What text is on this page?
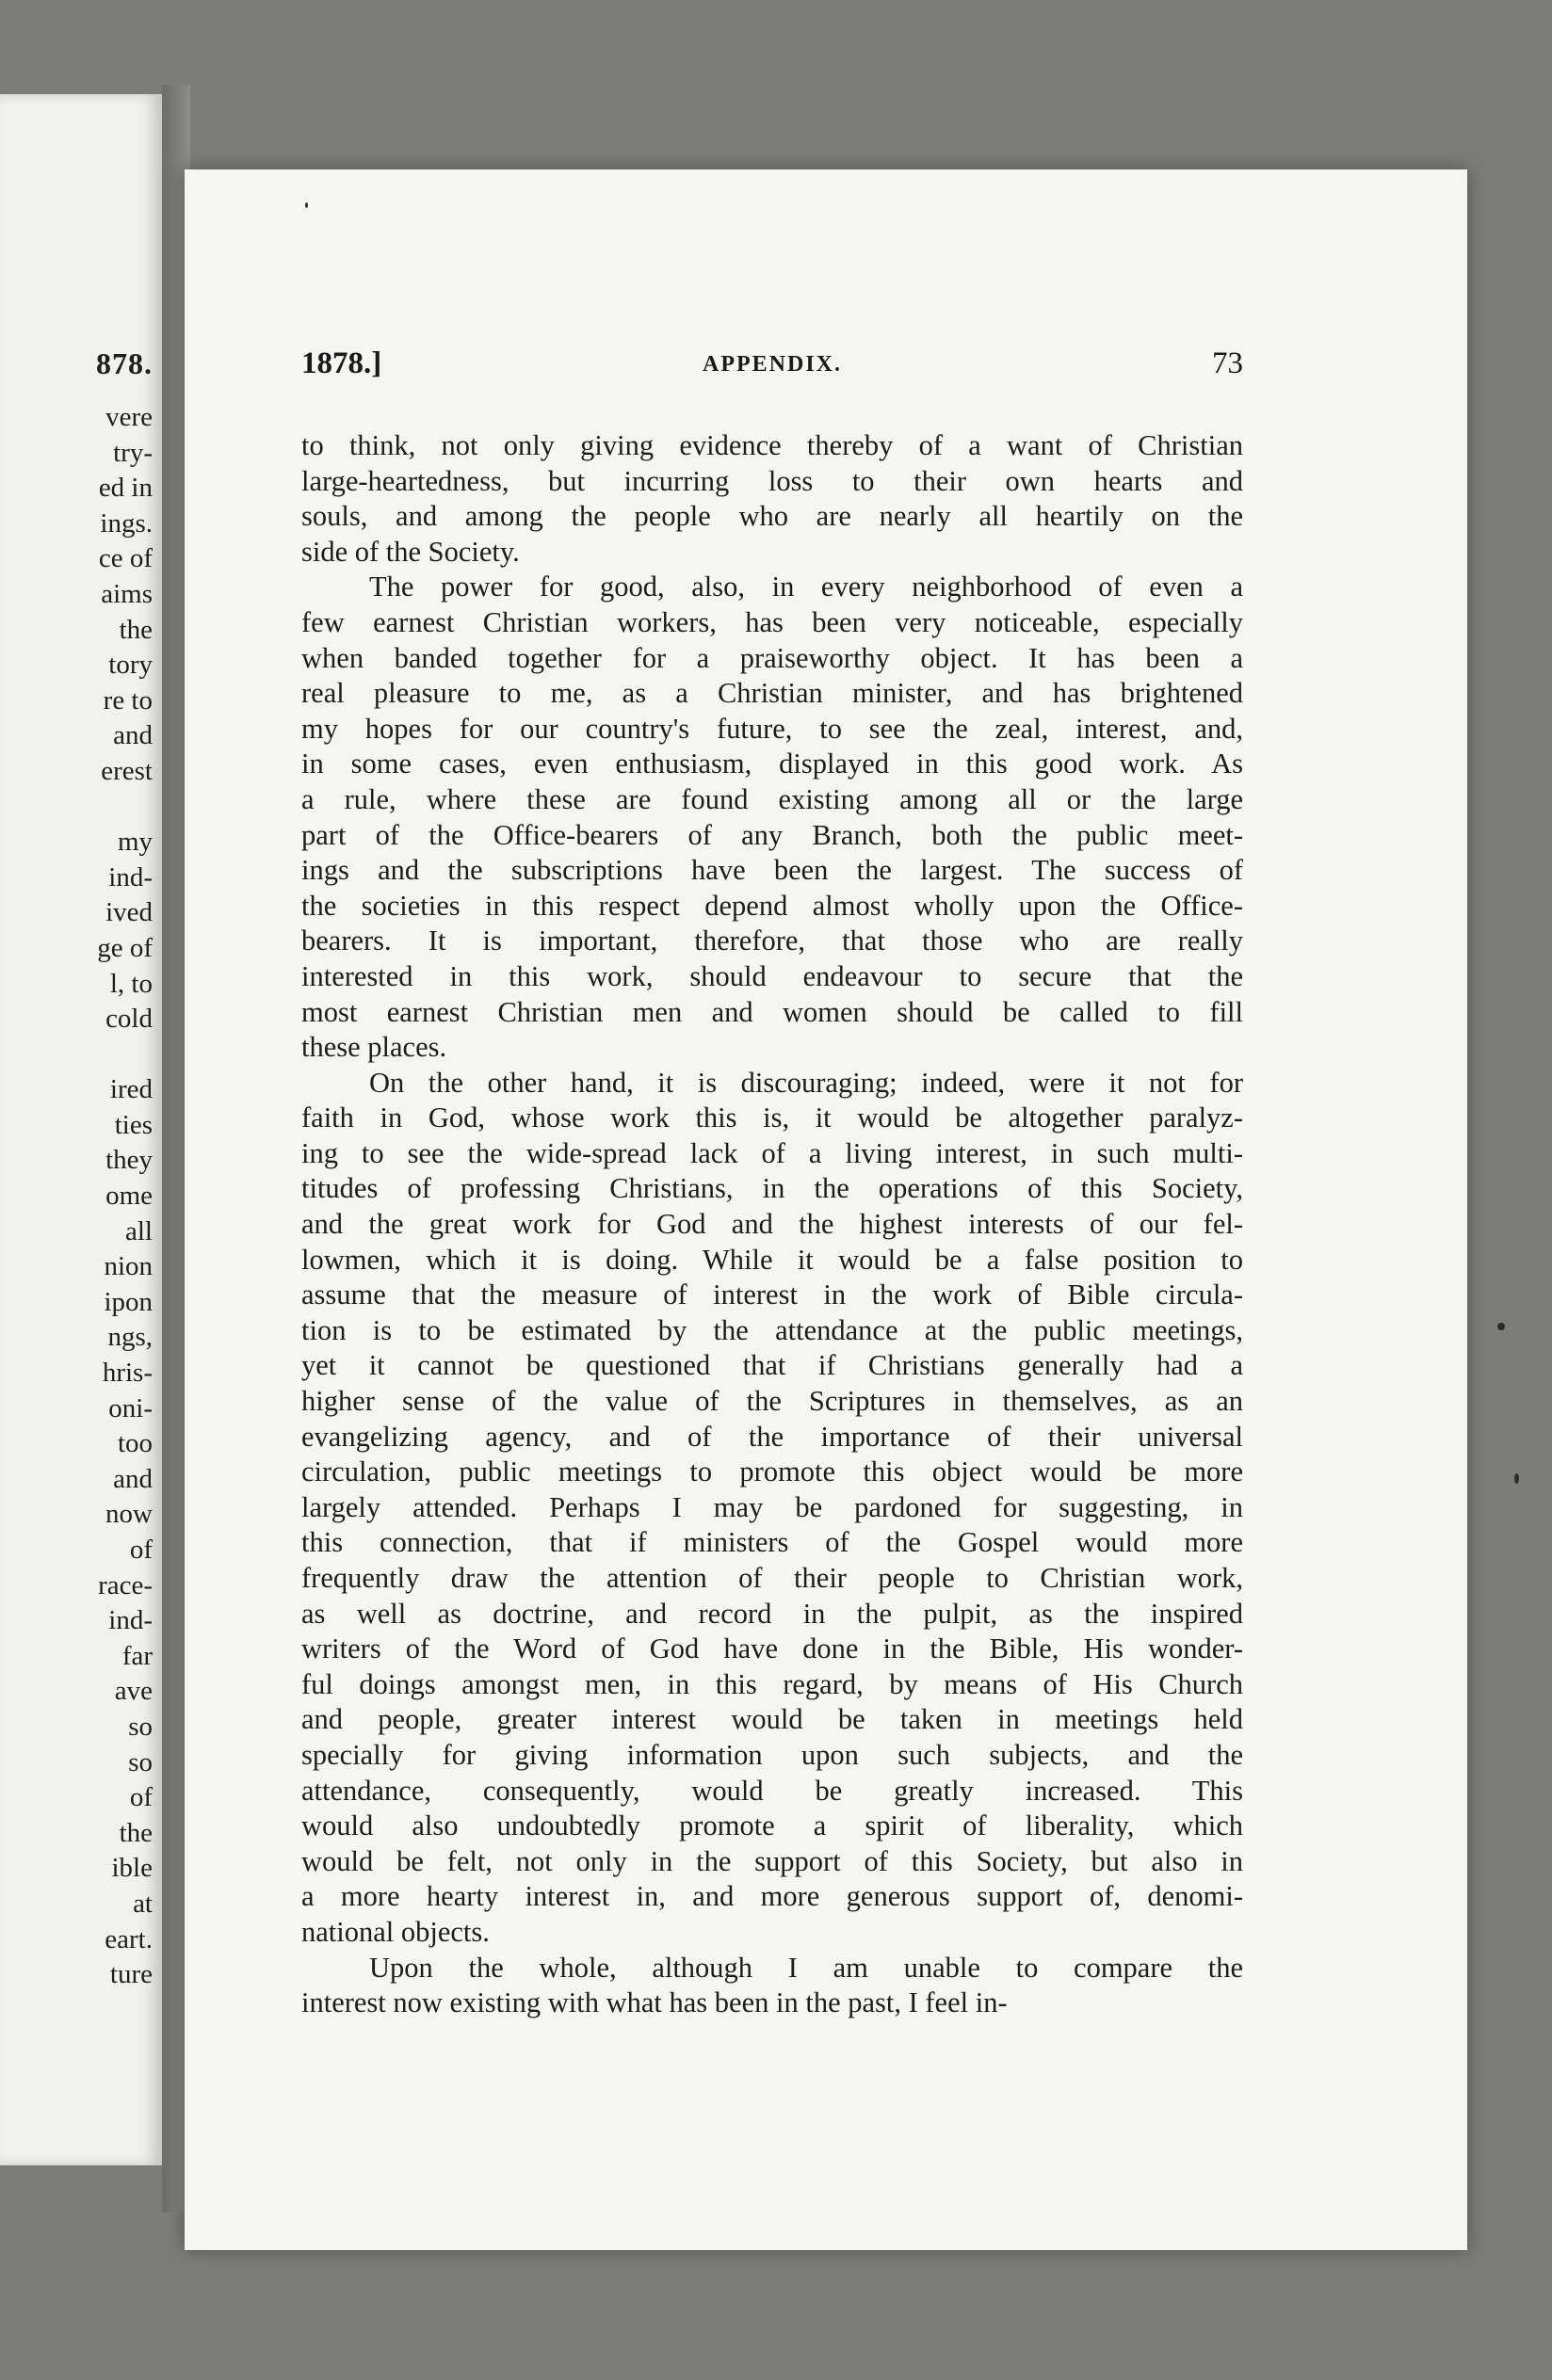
878.
vere
try-
ed in
ings.
ce of
aims
the
tory
re to
and
erest
my
ind-
ived
ge of
l, to
cold
ired
ties
they
ome
all
nion
ipon
ngs,
hris-
oni-
too
and
now
of
race-
ind-
far
ave
so
so
of
the
ible
at
eart.
ture
1878.]	APPENDIX.	73
to think, not only giving evidence thereby of a want of Christian
large-heartedness, but incurring loss to their own hearts and
souls, and among the people who are nearly all heartily on the
side of the Society.
The power for good, also, in every neighborhood of even a
few earnest Christian workers, has been very noticeable, especially
when banded together for a praiseworthy object. It has been a
real pleasure to me, as a Christian minister, and has brightened
my hopes for our country's future, to see the zeal, interest, and,
in some cases, even enthusiasm, displayed in this good work. As
a rule, where these are found existing among all or the large
part of the Office-bearers of any Branch, both the public meet-
ings and the subscriptions have been the largest. The success of
the societies in this respect depend almost wholly upon the Office-
bearers. It is important, therefore, that those who are really
interested in this work, should endeavour to secure that the
most earnest Christian men and women should be called to fill
these places.
On the other hand, it is discouraging; indeed, were it not for
faith in God, whose work this is, it would be altogether paralyz-
ing to see the wide-spread lack of a living interest, in such multi-
titudes of professing Christians, in the operations of this Society,
and the great work for God and the highest interests of our fel-
lowmen, which it is doing. While it would be a false position to
assume that the measure of interest in the work of Bible circula-
tion is to be estimated by the attendance at the public meetings,
yet it cannot be questioned that if Christians generally had a
higher sense of the value of the Scriptures in themselves, as an
evangelizing agency, and of the importance of their universal
circulation, public meetings to promote this object would be more
largely attended. Perhaps I may be pardoned for suggesting, in
this connection, that if ministers of the Gospel would more
frequently draw the attention of their people to Christian work,
as well as doctrine, and record in the pulpit, as the inspired
writers of the Word of God have done in the Bible, His wonder-
ful doings amongst men, in this regard, by means of His Church
and people, greater interest would be taken in meetings held
specially for giving information upon such subjects, and the
attendance, consequently, would be greatly increased. This
would also undoubtedly promote a spirit of liberality, which
would be felt, not only in the support of this Society, but also in
a more hearty interest in, and more generous support of, denomi-
national objects.
Upon the whole, although I am unable to compare the
interest now existing with what has been in the past, I feel in-
